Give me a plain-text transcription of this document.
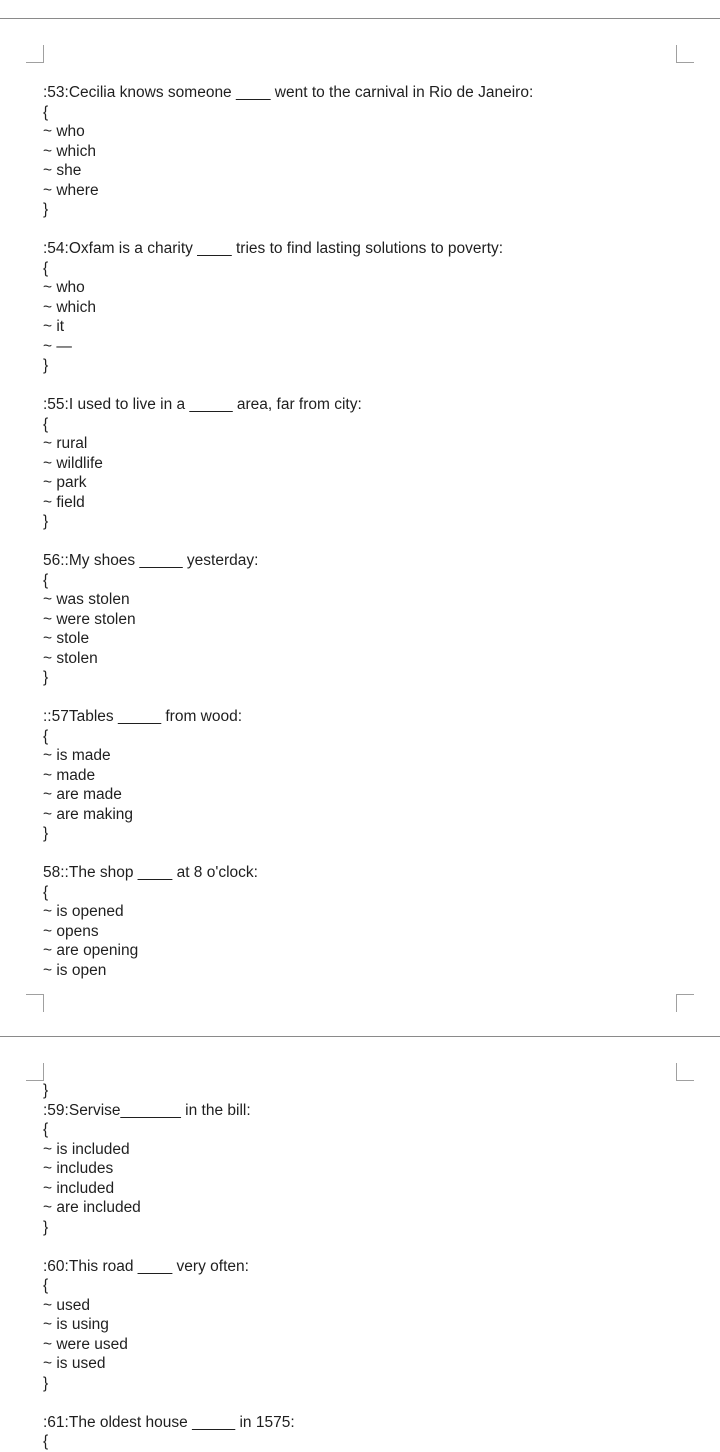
:53:Cecilia knows someone ____ went to the carnival in Rio de Janeiro:
{
~ who
~ which
~ she
~ where
}
:54:Oxfam is a charity ____ tries to find lasting solutions to poverty:
{
~ who
~ which
~ it
~ —
}
:55:I used to live in a _____ area, far from city:
{
~ rural
~ wildlife
~ park
~ field
}
56::My shoes _____ yesterday:
{
~ was stolen
~ were stolen
~ stole
~ stolen
}
::57Tables _____ from wood:
{
~ is made
~ made
~ are made
~ are making
}
58::The shop ____ at 8 o'clock:
{
~ is opened
~ opens
~ are opening
~ is open
}
:59:Servise_______ in the bill:
{
~ is included
~ includes
~ included
~ are included
}
:60:This road ____ very often:
{
~ used
~ is using
~ were used
~ is used
}
:61:The oldest house _____ in 1575:
{
